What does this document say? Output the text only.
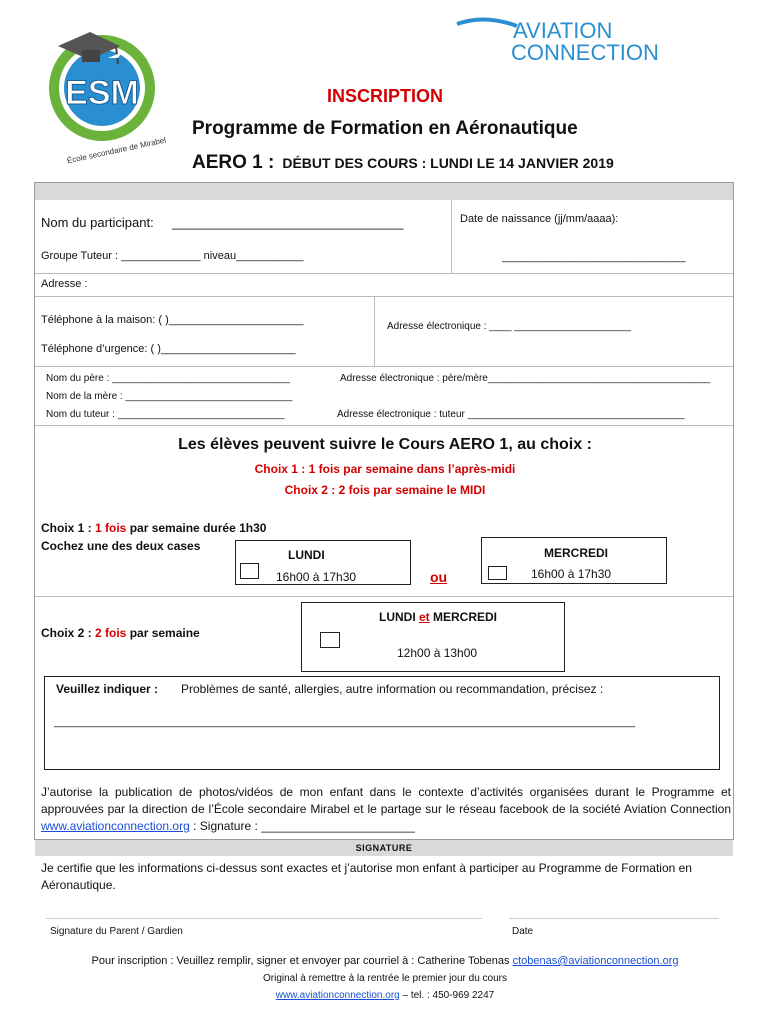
ESM
École secondaire de Mirabel
AVIATION
CONNECTION
INSCRIPTION
Programme de Formation en Aéronautique
AERO 1 : DÉBUT DES COURS : LUNDI LE 14 JANVIER 2019
Nom du participant: ________________________________	Date de naissance (jj/mm/aaaa):
______________________________
Groupe Tuteur : _____________ niveau___________
Adresse :
Téléphone à la maison: ( )______________________
Téléphone d’urgence: ( )______________________
Adresse électronique : ____ _____________________
Nom du père : ________________________________
Nom de la mère : ______________________________
Nom du tuteur : ______________________________
Adresse électronique : père/mère________________________________________
Adresse électronique : tuteur _______________________________________
Les élèves peuvent suivre le Cours AERO 1, au choix :
Choix 1 : 1 fois par semaine dans l’après-midi
Choix 2 : 2 fois par semaine le MIDI
Choix 1 : 1 fois par semaine durée 1h30
Cochez une des deux cases
LUNDI
16h00 à 17h30	ou
MERCREDI
16h00 à 17h30
Choix 2 : 2 fois par semaine
LUNDI et MERCREDI
12h00 à 13h00
Veuillez indiquer : Problèmes de santé, allergies, autre information ou recommandation, précisez :
_______________________________________________________________________________________________
J’autorise la publication de photos/vidéos de mon enfant dans le contexte d’activités organisées durant le Programme et approuvées par la direction de l’École secondaire Mirabel et le partage sur le réseau facebook de la société Aviation Connection www.aviationconnection.org : Signature : _______________________
SIGNATURE
Je certifie que les informations ci-dessus sont exactes et j’autorise mon enfant à participer au Programme de Formation en Aéronautique.
Signature du Parent / Gardien	Date
Pour inscription : Veuillez remplir, signer et envoyer par courriel à : Catherine Tobenas ctobenas@aviationconnection.org
Original à remettre à la rentrée le premier jour du cours
www.aviationconnection.org – tel. : 450-969 2247
